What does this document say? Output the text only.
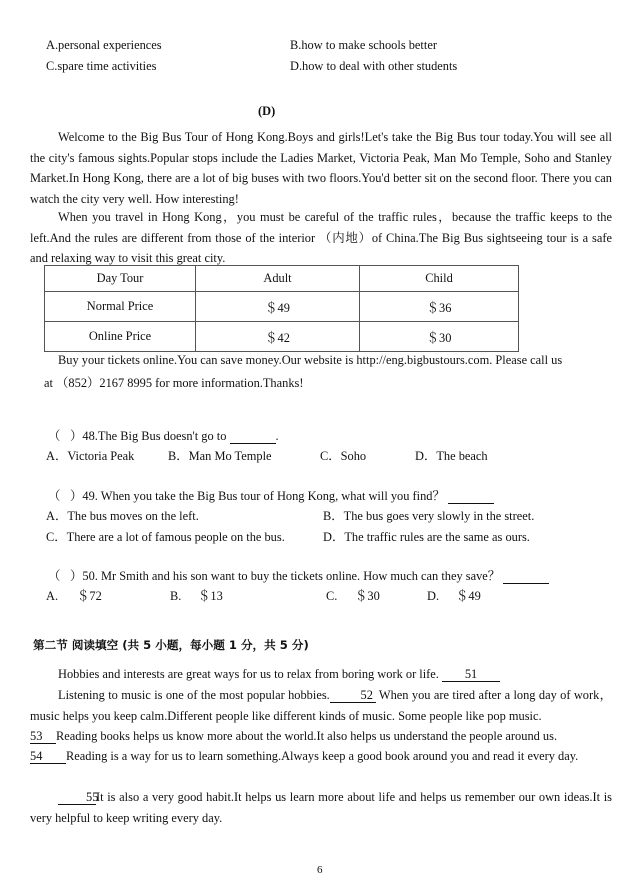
A.personal experiences	B.how to make schools better
C.spare time activities	D.how to deal with other students
(D)
Welcome to the Big Bus Tour of Hong Kong.Boys and girls!Let's take the Big Bus tour today.You will see all the city's famous sights.Popular stops include the Ladies Market, Victoria Peak, Man Mo Temple, Soho and Stanley Market.In Hong Kong, there are a lot of big buses with two floors.You'd better sit on the second floor. There you can watch the city very well. How interesting!
When you travel in Hong Kong，you must be careful of the traffic rules，because the traffic keeps to the left.And the rules are different from those of the interior （内地）of China.The Big Bus sightseeing tour is a safe and relaxing way to visit this great city.
Day Tour	Adult	Child
Normal Price	＄49	＄36
Online Price	＄42	＄30
Buy your tickets online.You can save money.Our website is http://eng.bigbustours.com. Please call us
at （852）2167 8995 for more information.Thanks!
（ ）48.The Big Bus doesn't go to	.
A．Victoria Peak	B．Man Mo Temple	C．Soho	D．The beach
（ ）49. When you take the Big Bus tour of Hong Kong, what will you find？
A．The bus moves on the left.	B．The bus goes very slowly in the street.
C．There are a lot of famous people on the bus.	D．The traffic rules are the same as ours.
（ ）50. Mr Smith and his son want to buy the tickets online. How much can they save？
A. ＄72	B. ＄13	C. ＄30	D. ＄49
第二节 阅读填空 (共 5 小题，每小题 1 分，共 5 分)
Hobbies and interests are great ways for us to relax from boring work or life. 51
Listening to music is one of the most popular hobbies. 52 When you are tired after a long day of work，music helps you keep calm.Different people like different kinds of music. Some people like pop music.
53 Reading books helps us know more about the world.It also helps us understand the people around us.
54 Reading is a way for us to learn something.Always keep a good book around you and read it every day.
55It is also a very good habit.It helps us learn more about life and helps us remember our own ideas.It is very helpful to keep writing every day.
6
